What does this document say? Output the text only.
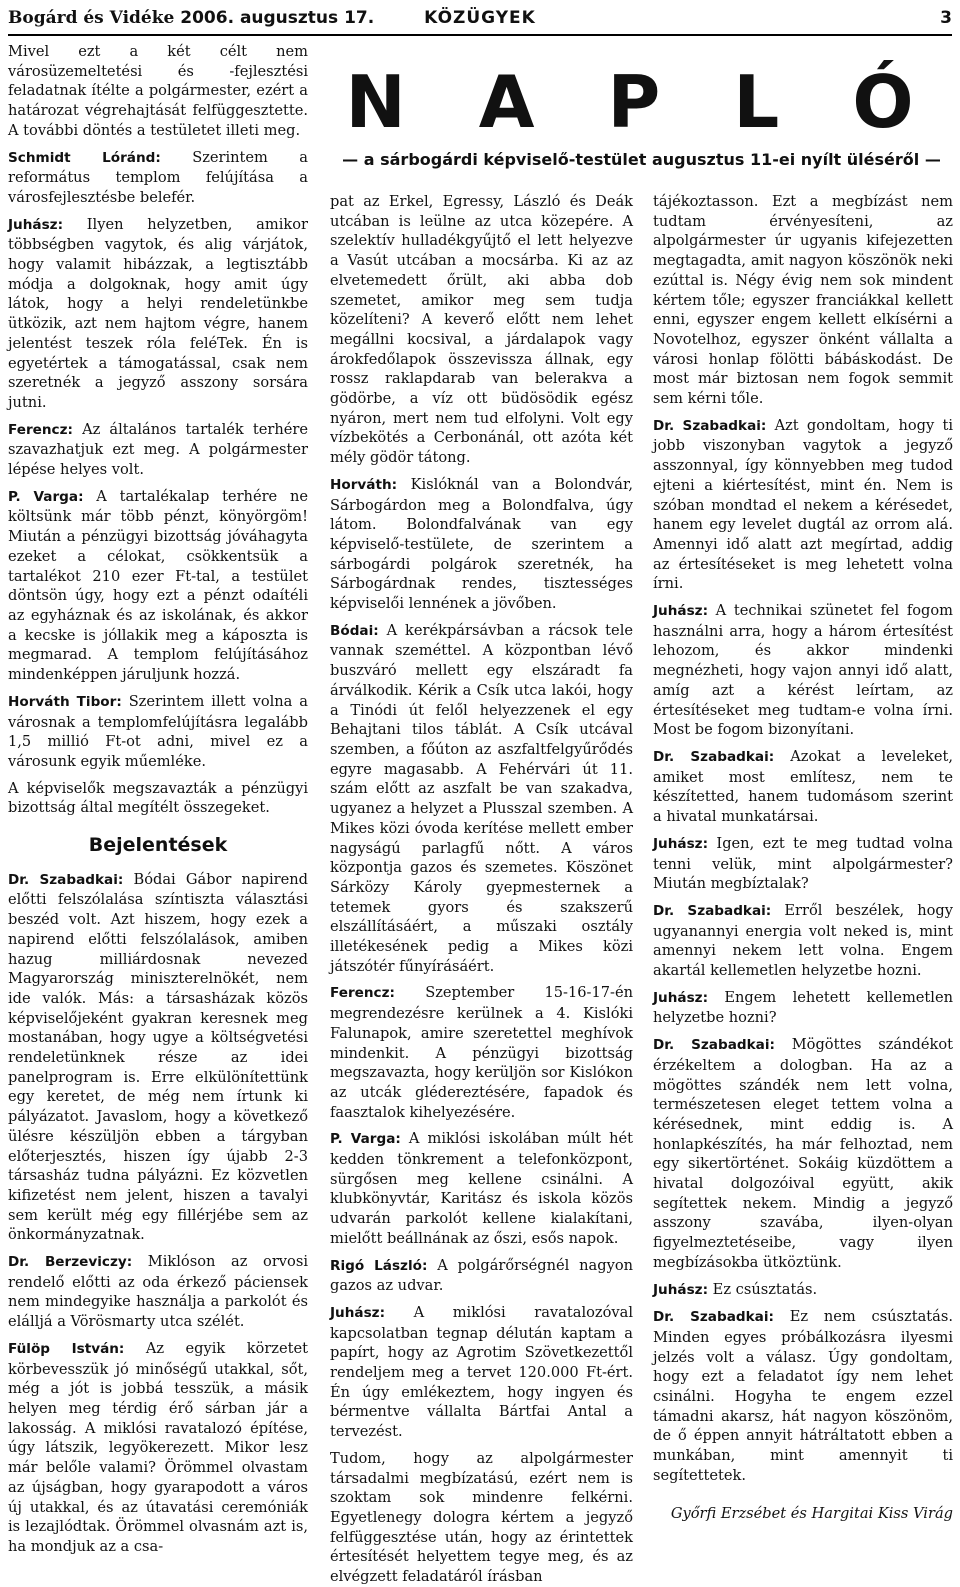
Bogárd és Vidéke 2006. augusztus 17.	KÖZÜGYEK	3
N A P L Ó
— a sárbogárdi képviselő-testület augusztus 11-ei nyílt üléséről —

Mivel ezt a két célt nem városüzemeltetési és -fejlesztési feladatnak ítélte a polgármester, ezért a határozat végrehajtását felfüggesztette. A további döntés a testületet illeti meg.

Schmidt Lóránd: Szerintem a református templom felújítása a városfejlesztésbe belefér.

Juhász: Ilyen helyzetben, amikor többségben vagytok, és alig várjátok, hogy valamit hibázzak, a legtisztább módja a dolgoknak, hogy amit úgy látok, hogy a helyi rendeletünkbe ütközik, azt nem hajtom végre, hanem jelentést teszek róla feléTek. Én is egyetértek a támogatással, csak nem szeretnék a jegyző asszony sorsára jutni.

Ferencz: Az általános tartalék terhére szavazhatjuk ezt meg. A polgármester lépése helyes volt.

P. Varga: A tartalékalap terhére ne költsünk már több pénzt, könyörgöm! Miután a pénzügyi bizottság jóváhagyta ezeket a célokat, csökkentsük a tartalékot 210 ezer Ft-tal, a testület döntsön úgy, hogy ezt a pénzt odaítéli az egyháznak és az iskolának, és akkor a kecske is jóllakik meg a káposzta is megmarad. A templom felújításához mindenképpen járuljunk hozzá.

Horváth Tibor: Szerintem illett volna a városnak a templomfelújításra legalább 1,5 millió Ft-ot adni, mivel ez a városunk egyik műemléke.

A képviselők megszavazták a pénzügyi bizottság által megítélt összegeket.

Bejelentések

Dr. Szabadkai: Bódai Gábor napirend előtti felszólalása színtiszta választási beszéd volt. Azt hiszem, hogy ezek a napirend előtti felszólalások, amiben hazug milliárdosnak nevezed Magyarország miniszterelnökét, nem ide valók. Más: a társasházak közös képviselőjeként gyakran keresnek meg mostanában, hogy ugye a költségvetési rendeletünknek része az idei panelprogram is. Erre elkülönítettünk egy keretet, de még nem írtunk ki pályázatot. Javaslom, hogy a következő ülésre készüljön ebben a tárgyban előterjesztés, hiszen így újabb 2-3 társasház tudna pályázni. Ez közvetlen kifizetést nem jelent, hiszen a tavalyi sem került még egy fillérjébe sem az önkormányzatnak.

Dr. Berzeviczy: Miklóson az orvosi rendelő előtti az oda érkező páciensek nem mindegyike használja a parkolót és elálljá a Vörösmarty utca szélét.

Fülöp István: Az egyik körzetet körbevesszük jó minőségű utakkal, sőt, még a jót is jobbá tesszük, a másik helyen meg térdig érő sárban jár a lakosság. A miklósi ravatalozó építése, úgy látszik, legyökerezett. Mikor lesz már belőle valami? Örömmel olvastam az újságban, hogy gyarapodott a város új utakkal, és az útavatási ceremóniák is lezajlódtak. Örömmel olvasnám azt is, ha mondjuk az a csa-

pat az Erkel, Egressy, László és Deák utcában is leülne az utca közepére. A szelektív hulladékgyűjtő el lett helyezve a Vasút utcában a mocsárba. Ki az az elvetemedett őrült, aki abba dob szemetet, amikor meg sem tudja közelíteni? A keverő előtt nem lehet megállni kocsival, a járdalapok vagy árokfedőlapok összevissza állnak, egy rossz raklapdarab van belerakva a gödörbe, a víz ott büdösödik egész nyáron, mert nem tud elfolyni. Volt egy vízbekötés a Cerbonánál, ott azóta két mély gödör tátong.

Horváth: Kislóknál van a Bolondvár, Sárbogárdon meg a Bolondfalva, úgy látom. Bolondfalvának van egy képviselő-testülete, de szerintem a sárbogárdi polgárok szeretnék, ha Sárbogárdnak rendes, tisztességes képviselői lennének a jövőben.

Bódai: A kerékpársávban a rácsok tele vannak szeméttel. A központban lévő buszváró mellett egy elszáradt fa árválkodik. Kérik a Csík utca lakói, hogy a Tinódi út felől helyezzenek el egy Behajtani tilos táblát. A Csík utcával szemben, a főúton az aszfaltfelgyűrődés egyre magasabb. A Fehérvári út 11. szám előtt az aszfalt be van szakadva, ugyanez a helyzet a Plusszal szemben. A Mikes közi óvoda kerítése mellett ember nagyságú parlagfű nőtt. A város központja gazos és szemetes. Köszönet Sárközy Károly gyepmesternek a tetemek gyors és szakszerű elszállításáért, a műszaki osztály illetékesének pedig a Mikes közi játszótér fűnyírásáért.

Ferencz: Szeptember 15-16-17-én megrendezésre kerülnek a 4. Kislóki Falunapok, amire szeretettel meghívok mindenkit. A pénzügyi bizottság megszavazta, hogy kerüljön sor Kislókon az utcák glédereztésére, fapadok és faasztalok kihelyezésére.

P. Varga: A miklósi iskolában múlt hét kedden tönkrement a telefonközpont, sürgősen meg kellene csinálni. A klubkönyvtár, Karitász és iskola közös udvarán parkolót kellene kialakítani, mielőtt beállnának az őszi, esős napok.

Rigó László: A polgárőrségnél nagyon gazos az udvar.

Juhász: A miklósi ravatalozóval kapcsolatban tegnap délután kaptam a papírt, hogy az Agrotim Szövetkezettől rendeljem meg a tervet 120.000 Ft-ért. Én úgy emlékeztem, hogy ingyen és bérmentve vállalta Bártfai Antal a tervezést.

Tudom, hogy az alpolgármester társadalmi megbízatású, ezért nem is szoktam sok mindenre felkérni. Egyetlenegy dologra kértem a jegyző felfüggesztése után, hogy az érintettek értesítését helyettem tegye meg, és az elvégzett feladatáról írásban

tájékoztasson. Ezt a megbízást nem tudtam érvényesíteni, az alpolgármester úr ugyanis kifejezetten megtagadta, amit nagyon köszönök neki ezúttal is. Négy évig nem sok mindent kértem tőle; egyszer franciákkal kellett enni, egyszer engem kellett elkísérni a Novotelhoz, egyszer önként vállalta a városi honlap fölötti bábáskodást. De most már biztosan nem fogok semmit sem kérni tőle.

Dr. Szabadkai: Azt gondoltam, hogy ti jobb viszonyban vagytok a jegyző asszonnyal, így könnyebben meg tudod ejteni a kiértesítést, mint én. Nem is szóban mondtad el nekem a kérésedet, hanem egy levelet dugtál az orrom alá. Amennyi idő alatt azt megírtad, addig az értesítéseket is meg lehetett volna írni.

Juhász: A technikai szünetet fel fogom használni arra, hogy a három értesítést lehozom, és akkor mindenki megnézheti, hogy vajon annyi idő alatt, amíg azt a kérést leírtam, az értesítéseket meg tudtam-e volna írni. Most be fogom bizonyítani.

Dr. Szabadkai: Azokat a leveleket, amiket most említesz, nem te készítetted, hanem tudomásom szerint a hivatal munkatársai.

Juhász: Igen, ezt te meg tudtad volna tenni velük, mint alpolgármester? Miután megbíztalak?

Dr. Szabadkai: Erről beszélek, hogy ugyanannyi energia volt neked is, mint amennyi nekem lett volna. Engem akartál kellemetlen helyzetbe hozni.

Juhász: Engem lehetett kellemetlen helyzetbe hozni?

Dr. Szabadkai: Mögöttes szándékot érzékeltem a dologban. Ha az a mögöttes szándék nem lett volna, természetesen eleget tettem volna a kérésednek, mint eddig is. A honlapkészítés, ha már felhoztad, nem egy sikertörténet. Sokáig küzdöttem a hivatal dolgozóival együtt, akik segítettek nekem. Mindig a jegyző asszony szavába, ilyen-olyan figyelmeztetéseibe, vagy ilyen megbízásokba ütköztünk.

Juhász: Ez csúsztatás.

Dr. Szabadkai: Ez nem csúsztatás. Minden egyes próbálkozásra ilyesmi jelzés volt a válasz. Úgy gondoltam, hogy ezt a feladatot így nem lehet csinálni. Hogyha te engem ezzel támadni akarsz, hát nagyon köszönöm, de ő éppen annyit hátráltatott ebben a munkában, mint amennyit ti segítettetek.

Győrfi Erzsébet és Hargitai Kiss Virág
